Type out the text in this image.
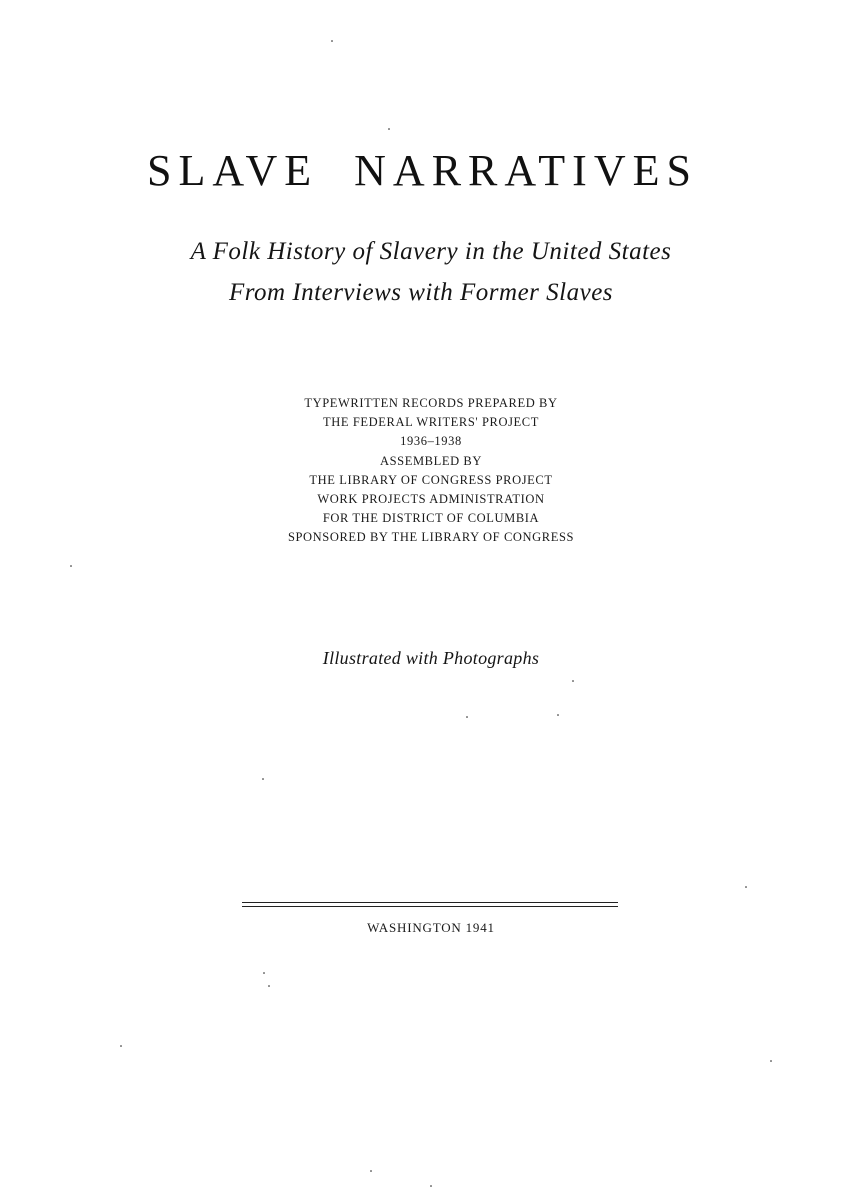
SLAVE NARRATIVES
A Folk History of Slavery in the United States
From Interviews with Former Slaves
TYPEWRITTEN RECORDS PREPARED BY
THE FEDERAL WRITERS' PROJECT
1936–1938
ASSEMBLED BY
THE LIBRARY OF CONGRESS PROJECT
WORK PROJECTS ADMINISTRATION
FOR THE DISTRICT OF COLUMBIA
SPONSORED BY THE LIBRARY OF CONGRESS
Illustrated with Photographs
WASHINGTON 1941
